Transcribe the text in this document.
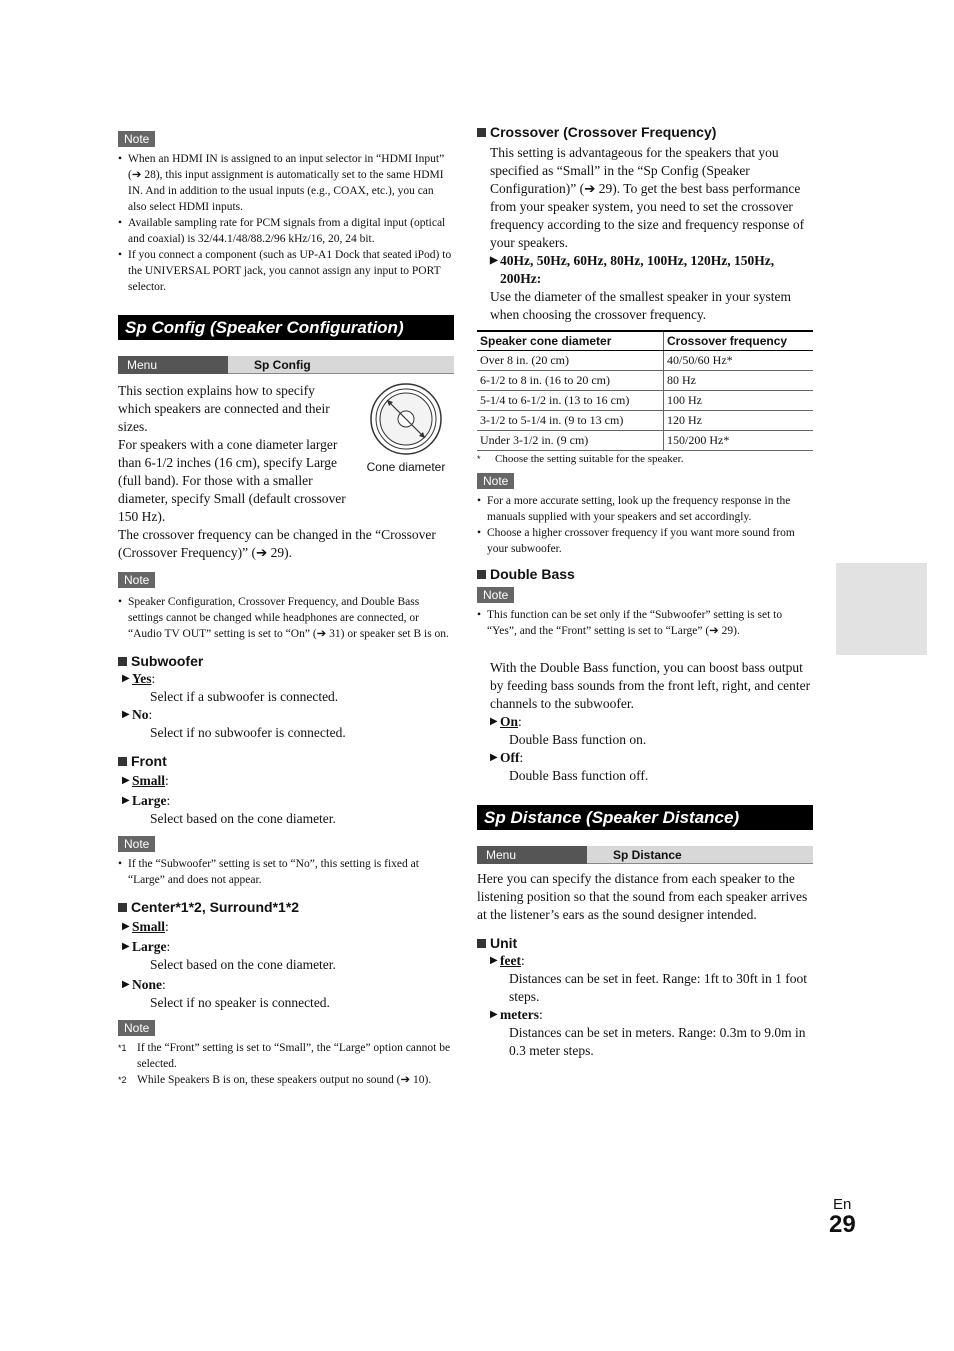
Note

• When an HDMI IN is assigned to an input selector in “HDMI Input” (➔ 28), this input assignment is automatically set to the same HDMI IN. And in addition to the usual inputs (e.g., COAX, etc.), you can also select HDMI inputs.

• Available sampling rate for PCM signals from a digital input (optical and coaxial) is 32/44.1/48/88.2/96 kHz/16, 20, 24 bit.

• If you connect a component (such as UP-A1 Dock that seated iPod) to the UNIVERSAL PORT jack, you cannot assign any input to PORT selector.

Sp Config (Speaker Configuration)
Menu	Sp Config
Cone diameter

This section explains how to specify which speakers are connected and their sizes.

For speakers with a cone diameter larger than 6-1/2 inches (16 cm), specify Large (full band). For those with a smaller diameter, specify Small (default crossover 150 Hz).

The crossover frequency can be changed in the “Crossover (Crossover Frequency)” (➔ 29).

Note

• Speaker Configuration, Crossover Frequency, and Double Bass settings cannot be changed while headphones are connected, or “Audio TV OUT” setting is set to “On” (➔ 31) or speaker set B is on.

Subwoofer

▶ Yes:

Select if a subwoofer is connected.

▶ No:

Select if no subwoofer is connected.

Front

▶ Small:

▶ Large:

Select based on the cone diameter.

Note

• If the “Subwoofer” setting is set to “No”, this setting is fixed at “Large” and does not appear.

Center*1*2, Surround*1*2

▶ Small:

▶ Large:

Select based on the cone diameter.

▶ None:

Select if no speaker is connected.

Note

*1 If the “Front” setting is set to “Small”, the “Large” option cannot be selected.

*2 While Speakers B is on, these speakers output no sound (➔ 10).

Crossover (Crossover Frequency)

This setting is advantageous for the speakers that you specified as “Small” in the “Sp Config (Speaker Configuration)” (➔ 29). To get the best bass performance from your speaker system, you need to set the crossover frequency according to the size and frequency response of your speakers.

▶ 40Hz, 50Hz, 60Hz, 80Hz, 100Hz, 120Hz, 150Hz, 200Hz:

Use the diameter of the smallest speaker in your system when choosing the crossover frequency.

Speaker cone diameter	Crossover frequency
Over 8 in. (20 cm)	40/50/60 Hz*
6-1/2 to 8 in. (16 to 20 cm)	80 Hz
5-1/4 to 6-1/2 in. (13 to 16 cm)	100 Hz
3-1/2 to 5-1/4 in. (9 to 13 cm)	120 Hz
Under 3-1/2 in. (9 cm)	150/200 Hz*

* Choose the setting suitable for the speaker.

Note

• For a more accurate setting, look up the frequency response in the manuals supplied with your speakers and set accordingly.

• Choose a higher crossover frequency if you want more sound from your subwoofer.

Double Bass
Note

• This function can be set only if the “Subwoofer” setting is set to “Yes”, and the “Front” setting is set to “Large” (➔ 29).

With the Double Bass function, you can boost bass output by feeding bass sounds from the front left, right, and center channels to the subwoofer.

▶ On:

Double Bass function on.

▶ Off:

Double Bass function off.

Sp Distance (Speaker Distance)
Menu	Sp Distance

Here you can specify the distance from each speaker to the listening position so that the sound from each speaker arrives at the listener’s ears as the sound designer intended.

Unit

▶ feet:

Distances can be set in feet. Range: 1ft to 30ft in 1 foot steps.

▶ meters:

Distances can be set in meters. Range: 0.3m to 9.0m in 0.3 meter steps.

En
29
